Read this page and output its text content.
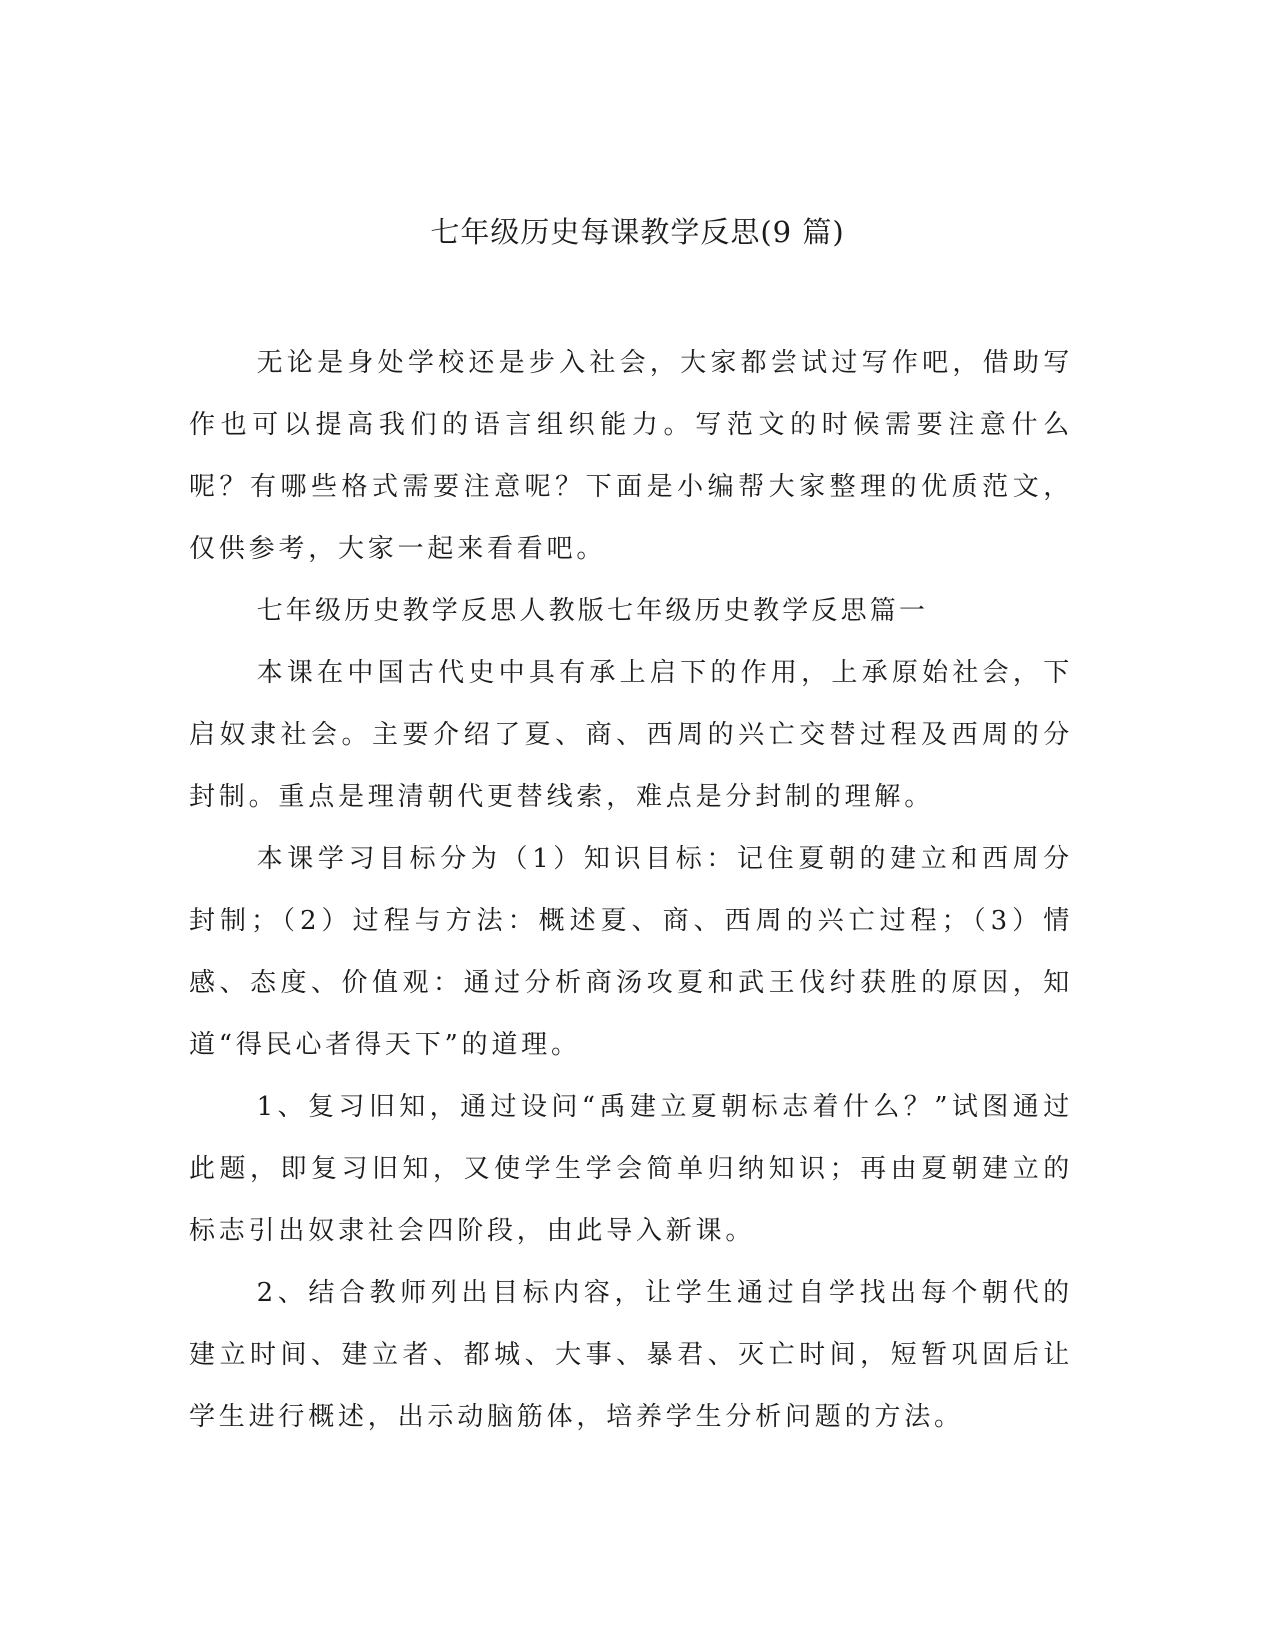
七年级历史每课教学反思(9 篇)

无论是身处学校还是步入社会，大家都尝试过写作吧，借助写作也可以提高我们的语言组织能力。写范文的时候需要注意什么呢？有哪些格式需要注意呢？下面是小编帮大家整理的优质范文，仅供参考，大家一起来看看吧。

七年级历史教学反思人教版七年级历史教学反思篇一

本课在中国古代史中具有承上启下的作用，上承原始社会，下启奴隶社会。主要介绍了夏、商、西周的兴亡交替过程及西周的分封制。重点是理清朝代更替线索，难点是分封制的理解。

本课学习目标分为（1）知识目标：记住夏朝的建立和西周分封制；（2）过程与方法：概述夏、商、西周的兴亡过程；（3）情感、态度、价值观：通过分析商汤攻夏和武王伐纣获胜的原因，知道“得民心者得天下”的道理。

1、复习旧知，通过设问“禹建立夏朝标志着什么？”试图通过此题，即复习旧知，又使学生学会简单归纳知识；再由夏朝建立的标志引出奴隶社会四阶段，由此导入新课。

2、结合教师列出目标内容，让学生通过自学找出每个朝代的建立时间、建立者、都城、大事、暴君、灭亡时间，短暂巩固后让学生进行概述，出示动脑筋体，培养学生分析问题的方法。
